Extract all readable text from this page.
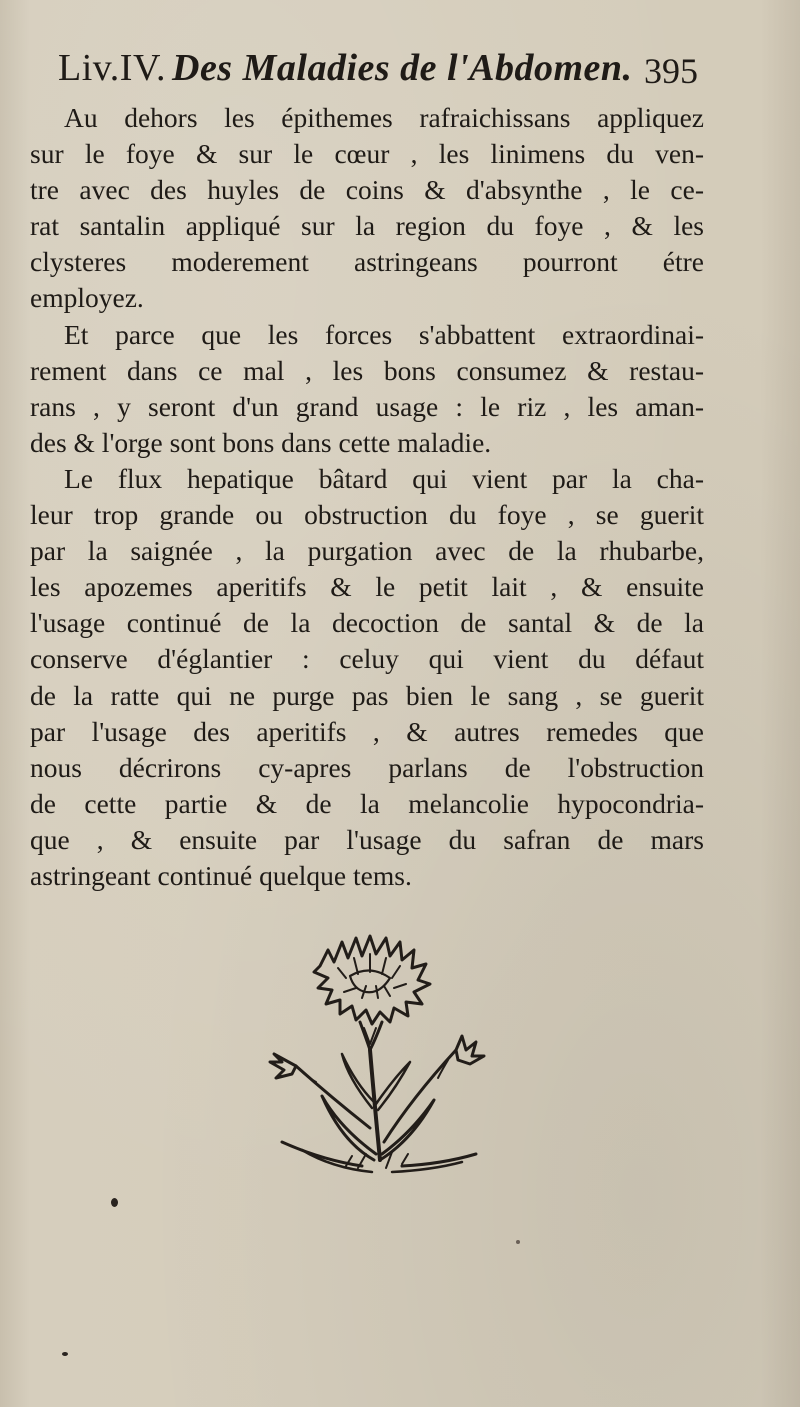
Liv.IV. Des Maladies de l'Abdomen. 395
Au dehors les épithemes rafraichissans appliquez
sur le foye & sur le cœur , les linimens du ven-
tre avec des huyles de coins & d'absynthe , le ce-
rat santalin appliqué sur la region du foye , & les
clysteres moderement astringeans pourront étre
employez.
Et parce que les forces s'abbattent extraordinai-
rement dans ce mal , les bons consumez & restau-
rans , y seront d'un grand usage : le riz , les aman-
des & l'orge sont bons dans cette maladie.
Le flux hepatique bâtard qui vient par la cha-
leur trop grande ou obstruction du foye , se guerit
par la saignée , la purgation avec de la rhubarbe,
les apozemes aperitifs & le petit lait , & ensuite
l'usage continué de la decoction de santal & de la
conserve d'églantier : celuy qui vient du défaut
de la ratte qui ne purge pas bien le sang , se guerit
par l'usage des aperitifs , & autres remedes que
nous décrirons cy-apres parlans de l'obstruction
de cette partie & de la melancolie hypocondria-
que , & ensuite par l'usage du safran de mars
astringeant continué quelque tems.
